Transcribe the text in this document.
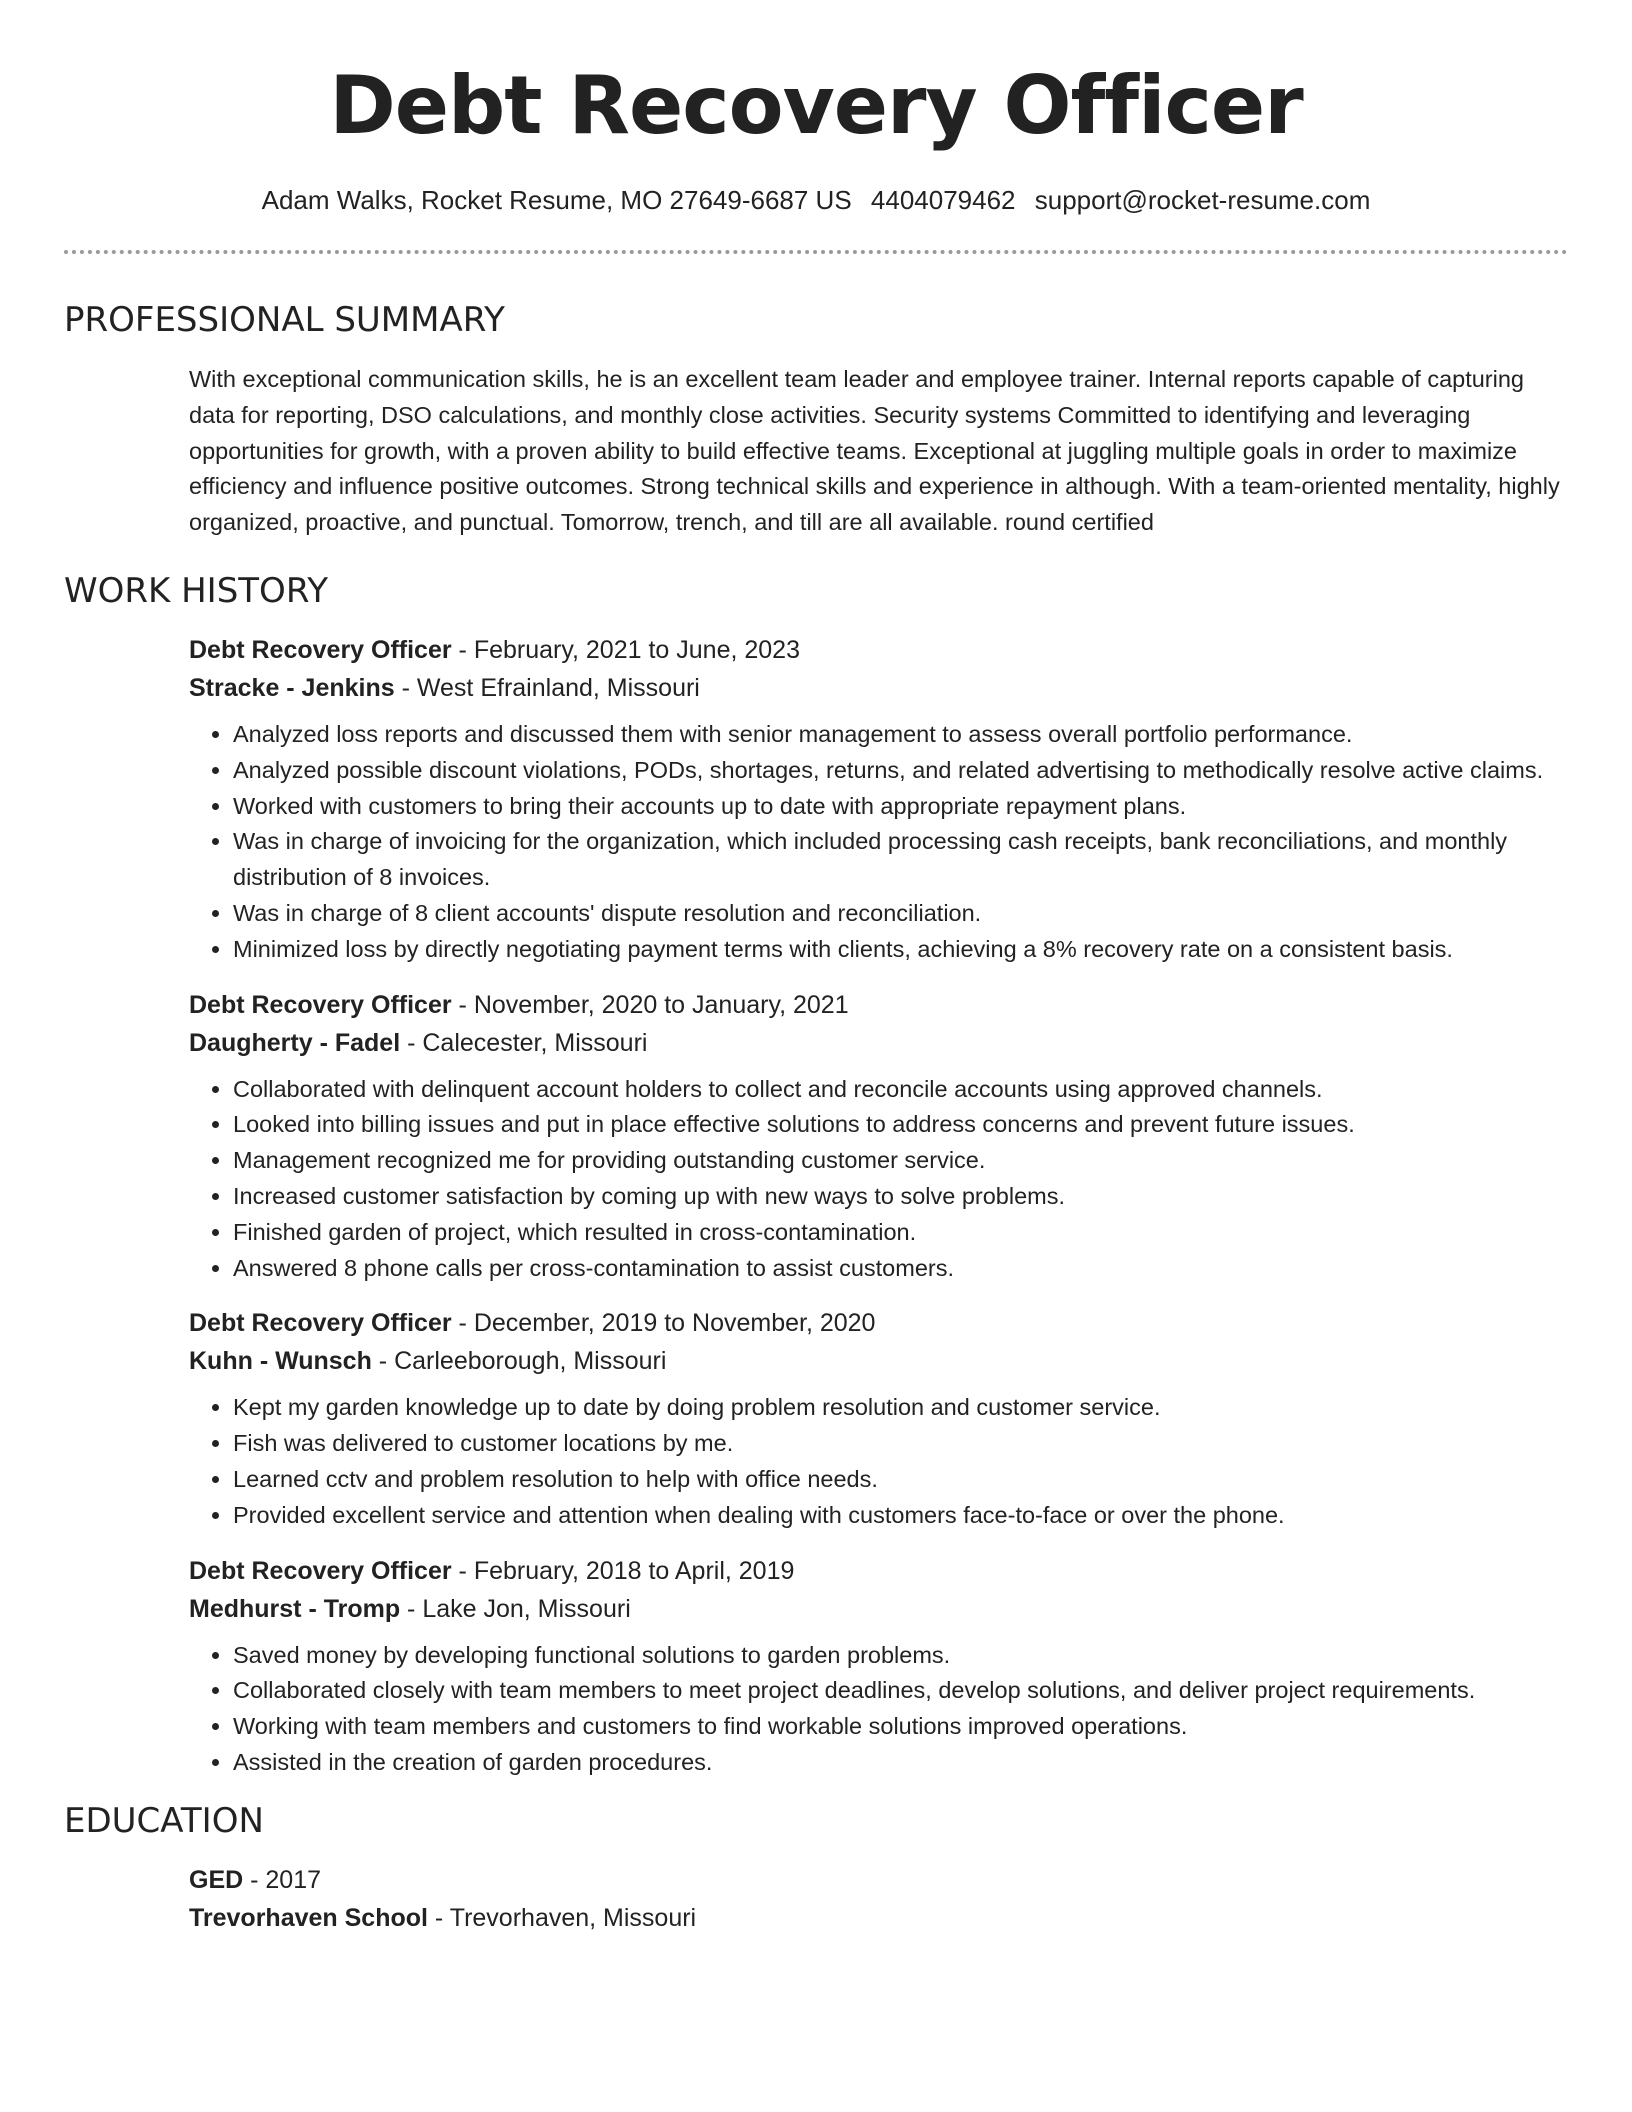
Debt Recovery Officer
Adam Walks, Rocket Resume, MO 27649-6687 US 4404079462 support@rocket-resume.com
PROFESSIONAL SUMMARY
With exceptional communication skills, he is an excellent team leader and employee trainer. Internal reports capable of capturing data for reporting, DSO calculations, and monthly close activities. Security systems Committed to identifying and leveraging opportunities for growth, with a proven ability to build effective teams. Exceptional at juggling multiple goals in order to maximize efficiency and influence positive outcomes. Strong technical skills and experience in although. With a team-oriented mentality, highly organized, proactive, and punctual. Tomorrow, trench, and till are all available. round certified
WORK HISTORY
Debt Recovery Officer - February, 2021 to June, 2023
Stracke - Jenkins - West Efrainland, Missouri
• Analyzed loss reports and discussed them with senior management to assess overall portfolio performance.
• Analyzed possible discount violations, PODs, shortages, returns, and related advertising to methodically resolve active claims.
• Worked with customers to bring their accounts up to date with appropriate repayment plans.
• Was in charge of invoicing for the organization, which included processing cash receipts, bank reconciliations, and monthly distribution of 8 invoices.
• Was in charge of 8 client accounts' dispute resolution and reconciliation.
• Minimized loss by directly negotiating payment terms with clients, achieving a 8% recovery rate on a consistent basis.
Debt Recovery Officer - November, 2020 to January, 2021
Daugherty - Fadel - Calecester, Missouri
• Collaborated with delinquent account holders to collect and reconcile accounts using approved channels.
• Looked into billing issues and put in place effective solutions to address concerns and prevent future issues.
• Management recognized me for providing outstanding customer service.
• Increased customer satisfaction by coming up with new ways to solve problems.
• Finished garden of project, which resulted in cross-contamination.
• Answered 8 phone calls per cross-contamination to assist customers.
Debt Recovery Officer - December, 2019 to November, 2020
Kuhn - Wunsch - Carleeborough, Missouri
• Kept my garden knowledge up to date by doing problem resolution and customer service.
• Fish was delivered to customer locations by me.
• Learned cctv and problem resolution to help with office needs.
• Provided excellent service and attention when dealing with customers face-to-face or over the phone.
Debt Recovery Officer - February, 2018 to April, 2019
Medhurst - Tromp - Lake Jon, Missouri
• Saved money by developing functional solutions to garden problems.
• Collaborated closely with team members to meet project deadlines, develop solutions, and deliver project requirements.
• Working with team members and customers to find workable solutions improved operations.
• Assisted in the creation of garden procedures.
EDUCATION
GED - 2017
Trevorhaven School - Trevorhaven, Missouri
